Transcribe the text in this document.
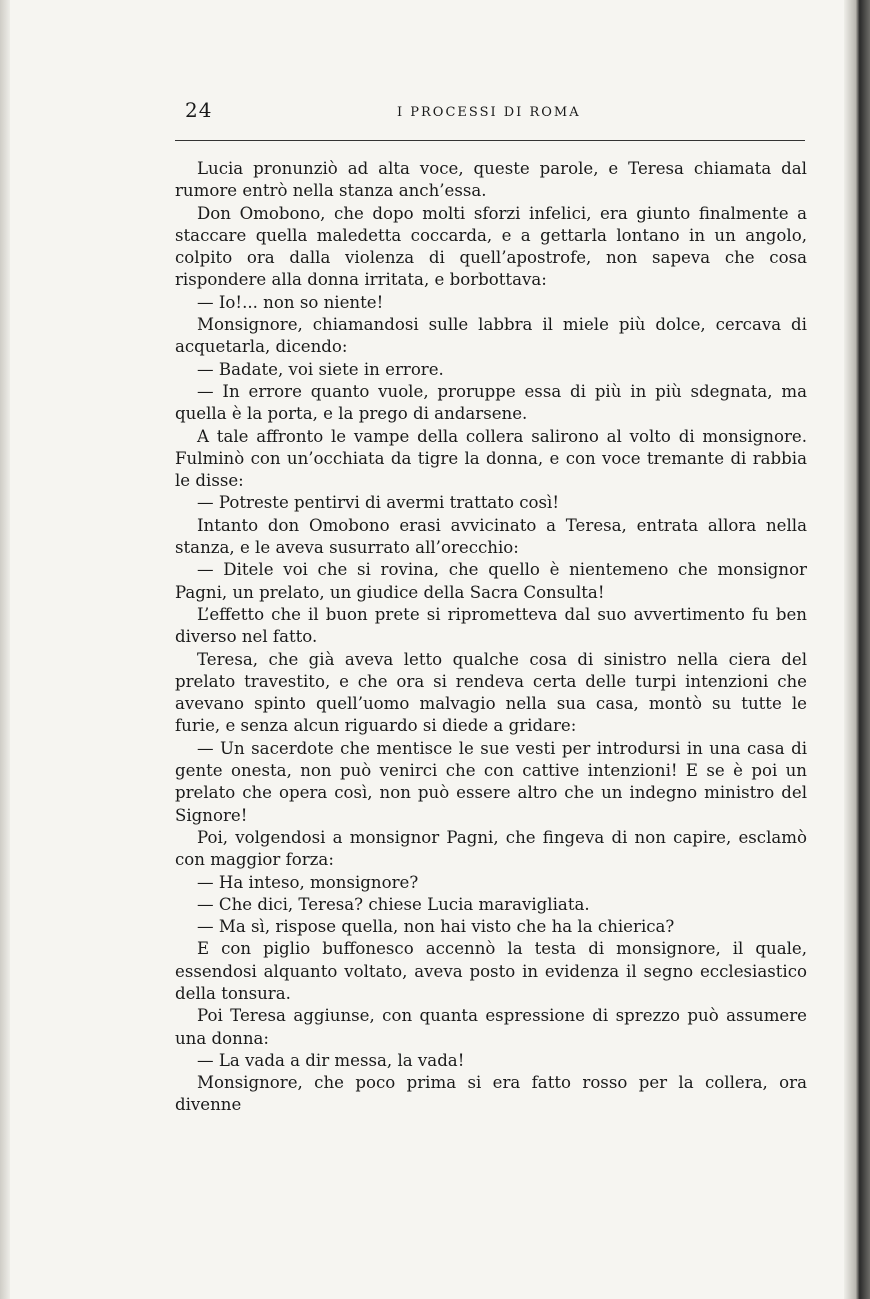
24	I PROCESSI DI ROMA

Lucia pronunziò ad alta voce, queste parole, e Teresa chiamata dal rumore entrò nella stanza anch’essa.

Don Omobono, che dopo molti sforzi infelici, era giunto finalmente a staccare quella maledetta coccarda, e a gettarla lontano in un angolo, colpito ora dalla violenza di quell’apostrofe, non sapeva che cosa rispondere alla donna irritata, e borbottava:

— Io!... non so niente!

Monsignore, chiamandosi sulle labbra il miele più dolce, cercava di acquetarla, dicendo:

— Badate, voi siete in errore.

— In errore quanto vuole, proruppe essa di più in più sdegnata, ma quella è la porta, e la prego di andarsene.

A tale affronto le vampe della collera salirono al volto di monsignore. Fulminò con un’occhiata da tigre la donna, e con voce tremante di rabbia le disse:

— Potreste pentirvi di avermi trattato così!

Intanto don Omobono erasi avvicinato a Teresa, entrata allora nella stanza, e le aveva susurrato all’orecchio:

— Ditele voi che si rovina, che quello è nientemeno che monsignor Pagni, un prelato, un giudice della Sacra Consulta!

L’effetto che il buon prete si riprometteva dal suo avvertimento fu ben diverso nel fatto.

Teresa, che già aveva letto qualche cosa di sinistro nella ciera del prelato travestito, e che ora si rendeva certa delle turpi intenzioni che avevano spinto quell’uomo malvagio nella sua casa, montò su tutte le furie, e senza alcun riguardo si diede a gridare:

— Un sacerdote che mentisce le sue vesti per introdursi in una casa di gente onesta, non può venirci che con cattive intenzioni! E se è poi un prelato che opera così, non può essere altro che un indegno ministro del Signore!

Poi, volgendosi a monsignor Pagni, che fingeva di non capire, esclamò con maggior forza:

— Ha inteso, monsignore?

— Che dici, Teresa? chiese Lucia maravigliata.

— Ma sì, rispose quella, non hai visto che ha la chierica?

E con piglio buffonesco accennò la testa di monsignore, il quale, essendosi alquanto voltato, aveva posto in evidenza il segno ecclesiastico della tonsura.

Poi Teresa aggiunse, con quanta espressione di sprezzo può assumere una donna:

— La vada a dir messa, la vada!

Monsignore, che poco prima si era fatto rosso per la collera, ora divenne
